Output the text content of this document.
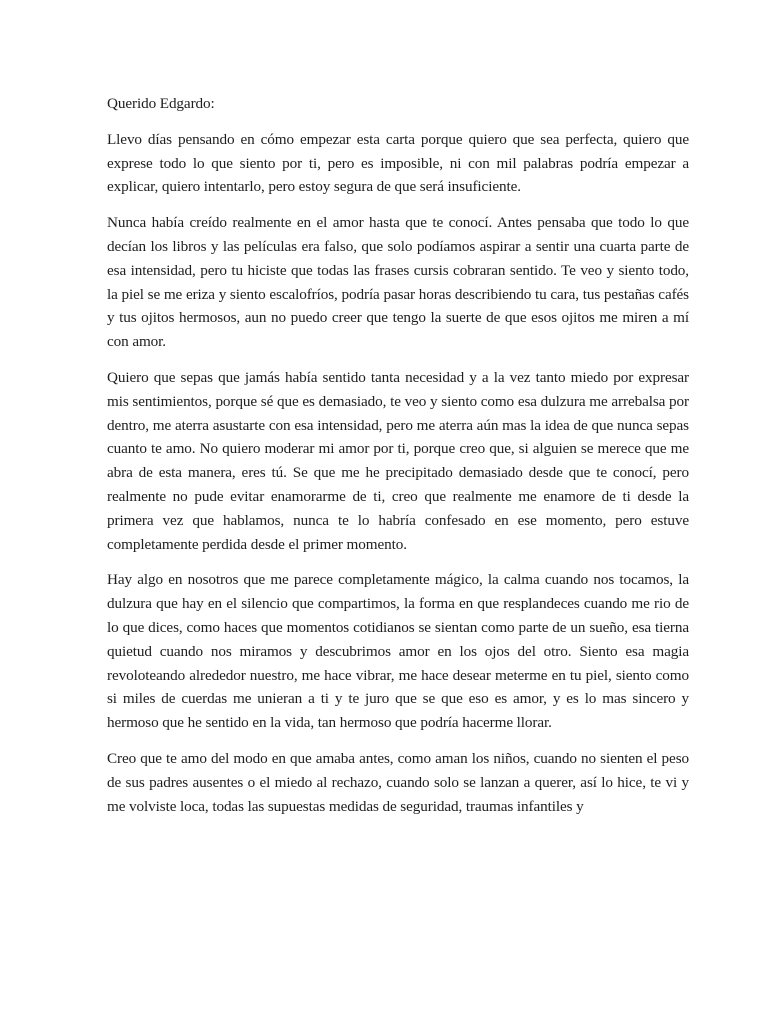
Querido Edgardo:

Llevo días pensando en cómo empezar esta carta porque quiero que sea perfecta, quiero que exprese todo lo que siento por ti, pero es imposible, ni con mil palabras podría empezar a explicar, quiero intentarlo, pero estoy segura de que será insuficiente.

Nunca había creído realmente en el amor hasta que te conocí. Antes pensaba que todo lo que decían los libros y las películas era falso, que solo podíamos aspirar a sentir una cuarta parte de esa intensidad, pero tu hiciste que todas las frases cursis cobraran sentido. Te veo y siento todo, la piel se me eriza y siento escalofríos, podría pasar horas describiendo tu cara, tus pestañas cafés y tus ojitos hermosos, aun no puedo creer que tengo la suerte de que esos ojitos me miren a mí con amor.

Quiero que sepas que jamás había sentido tanta necesidad y a la vez tanto miedo por expresar mis sentimientos, porque sé que es demasiado, te veo y siento como esa dulzura me arrebalsa por dentro, me aterra asustarte con esa intensidad, pero me aterra aún mas la idea de que nunca sepas cuanto te amo. No quiero moderar mi amor por ti, porque creo que, si alguien se merece que me abra de esta manera, eres tú. Se que me he precipitado demasiado desde que te conocí, pero realmente no pude evitar enamorarme de ti, creo que realmente me enamore de ti desde la primera vez que hablamos, nunca te lo habría confesado en ese momento, pero estuve completamente perdida desde el primer momento.

Hay algo en nosotros que me parece completamente mágico, la calma cuando nos tocamos, la dulzura que hay en el silencio que compartimos, la forma en que resplandeces cuando me rio de lo que dices, como haces que momentos cotidianos se sientan como parte de un sueño, esa tierna quietud cuando nos miramos y descubrimos amor en los ojos del otro. Siento esa magia revoloteando alrededor nuestro, me hace vibrar, me hace desear meterme en tu piel, siento como si miles de cuerdas me unieran a ti y te juro que se que eso es amor, y es lo mas sincero y hermoso que he sentido en la vida, tan hermoso que podría hacerme llorar.

Creo que te amo del modo en que amaba antes, como aman los niños, cuando no sienten el peso de sus padres ausentes o el miedo al rechazo, cuando solo se lanzan a querer, así lo hice, te vi y me volviste loca, todas las supuestas medidas de seguridad, traumas infantiles y
